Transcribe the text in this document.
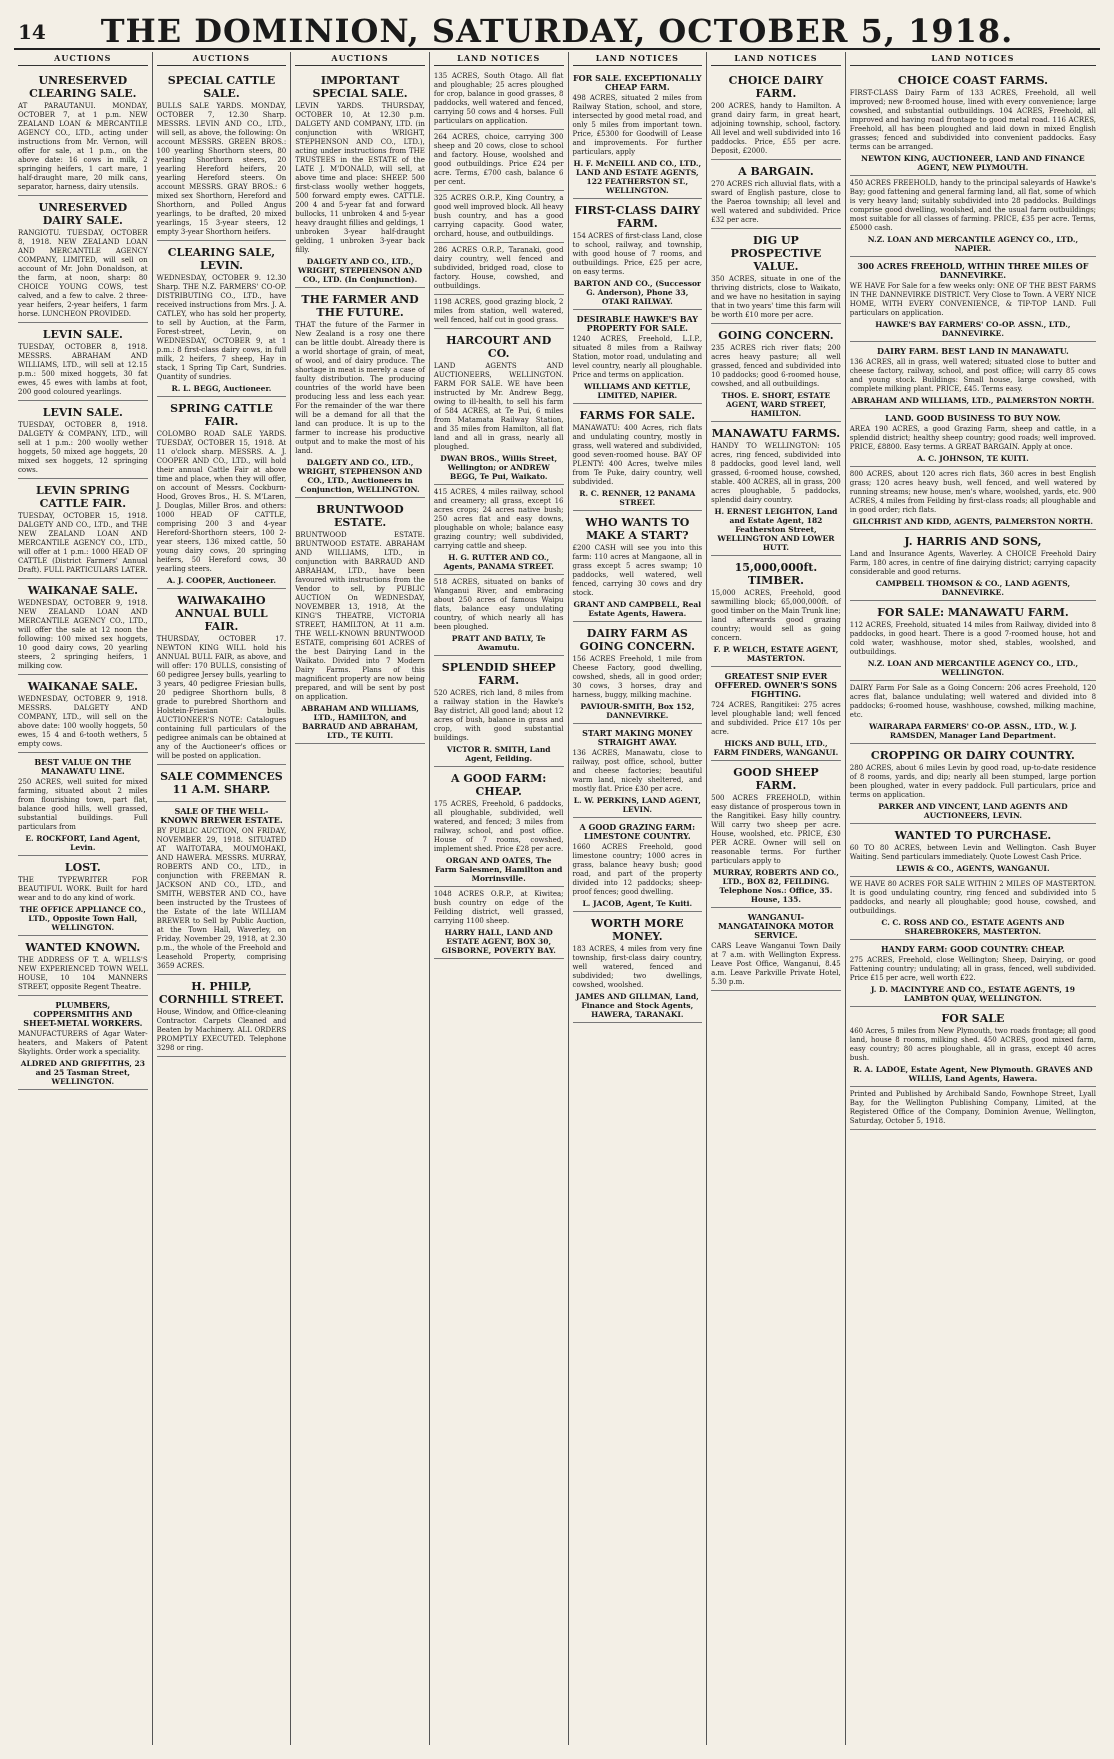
14	THE DOMINION, SATURDAY, OCTOBER 5, 1918.
AUCTIONS
UNRESERVED CLEARING SALE.
AT PARAUTANUI. MONDAY, OCTOBER 7, at 1 p.m. NEW ZEALAND LOAN & MERCANTILE AGENCY CO., LTD., acting under instructions from Mr. Vernon, will offer for sale, at 1 p.m., on the above date: 16 cows in milk, 2 springing heifers, 1 cart mare, 1 half-draught mare, 20 milk cans, separator, harness, dairy utensils.
UNRESERVED DAIRY SALE.
RANGIOTU. TUESDAY, OCTOBER 8, 1918. NEW ZEALAND LOAN AND MERCANTILE AGENCY COMPANY, LIMITED, will sell on account of Mr. John Donaldson, at the farm, at noon, sharp: 80 CHOICE YOUNG COWS, test calved, and a few to calve. 2 three-year heifers, 2-year heifers, 1 farm horse. LUNCHEON PROVIDED.
LEVIN SALE.
TUESDAY, OCTOBER 8, 1918. MESSRS. ABRAHAM AND WILLIAMS, LTD., will sell at 12.15 p.m.: 500 mixed hoggets, 30 fat ewes, 45 ewes with lambs at foot, 200 good coloured yearlings.
LEVIN SALE.
TUESDAY, OCTOBER 8, 1918. DALGETY & COMPANY, LTD., will sell at 1 p.m.: 200 woolly wether hoggets, 50 mixed age hoggets, 20 mixed sex hoggets, 12 springing cows.
LEVIN SPRING CATTLE FAIR.
TUESDAY, OCTOBER 15, 1918. DALGETY AND CO., LTD., and THE NEW ZEALAND LOAN AND MERCANTILE AGENCY CO., LTD., will offer at 1 p.m.: 1000 HEAD OF CATTLE (District Farmers' Annual Draft). FULL PARTICULARS LATER.
WAIKANAE SALE.
WEDNESDAY, OCTOBER 9, 1918. NEW ZEALAND LOAN AND MERCANTILE AGENCY CO., LTD., will offer the sale at 12 noon the following: 100 mixed sex hoggets, 10 good dairy cows, 20 yearling steers, 2 springing heifers, 1 milking cow.
WAIKANAE SALE.
WEDNESDAY, OCTOBER 9, 1918. MESSRS. DALGETY AND COMPANY, LTD., will sell on the above date: 100 woolly hoggets, 50 ewes, 15 4 and 6-tooth wethers, 5 empty cows.
BEST VALUE ON THE MANAWATU LINE.
250 ACRES, well suited for mixed farming, situated about 2 miles from flourishing town, part flat, balance good hills, well grassed, substantial buildings. Full particulars from
E. ROCKFORT, Land Agent, Levin.
LOST.
THE TYPEWRITER FOR BEAUTIFUL WORK. Built for hard wear and to do any kind of work.
THE OFFICE APPLIANCE CO., LTD., Opposite Town Hall, WELLINGTON.
WANTED KNOWN.
THE ADDRESS OF T. A. WELLS'S NEW EXPERIENCED TOWN WELL HOUSE, 10 104 MANNERS STREET, opposite Regent Theatre.
PLUMBERS, COPPERSMITHS AND SHEET-METAL WORKERS.
MANUFACTURERS of Agar Water-heaters, and Makers of Patent Skylights. Order work a speciality.
ALDRED AND GRIFFITHS, 23 and 25 Tasman Street, WELLINGTON.
AUCTIONS
SPECIAL CATTLE SALE.
BULLS SALE YARDS. MONDAY, OCTOBER 7, 12.30 Sharp. MESSRS. LEVIN AND CO., LTD., will sell, as above, the following: On account MESSRS. GREEN BROS.: 100 yearling Shorthorn steers, 80 yearling Shorthorn steers, 20 yearling Hereford heifers, 20 yearling Hereford steers. On account MESSRS. GRAY BROS.: 6 mixed sex Shorthorn, Hereford and Shorthorn, and Polled Angus yearlings, to be drafted, 20 mixed yearlings, 15 3-year steers, 12 empty 3-year Shorthorn heifers.
CLEARING SALE, LEVIN.
WEDNESDAY, OCTOBER 9. 12.30 Sharp. THE N.Z. FARMERS' CO-OP. DISTRIBUTING CO., LTD., have received instructions from Mrs. J. A. CATLEY, who has sold her property, to sell by Auction, at the Farm, Forest-street, Levin, on WEDNESDAY, OCTOBER 9, at 1 p.m.: 8 first-class dairy cows, in full milk, 2 heifers, 7 sheep, Hay in stack, 1 Spring Tip Cart, Sundries. Quantity of sundries.
R. L. BEGG, Auctioneer.
SPRING CATTLE FAIR.
COLOMBO ROAD SALE YARDS. TUESDAY, OCTOBER 15, 1918. At 11 o'clock sharp. MESSRS. A. J. COOPER AND CO., LTD., will hold their annual Cattle Fair at above time and place, when they will offer, on account of Messrs. Cockburn-Hood, Groves Bros., H. S. M'Laren, J. Douglas, Miller Bros. and others: 1000 HEAD OF CATTLE, comprising 200 3 and 4-year Hereford-Shorthorn steers, 100 2-year steers, 136 mixed cattle, 50 young dairy cows, 20 springing heifers, 50 Hereford cows, 30 yearling steers.
A. J. COOPER, Auctioneer.
WAIWAKAIHO ANNUAL BULL FAIR.
THURSDAY, OCTOBER 17. NEWTON KING WILL hold his ANNUAL BULL FAIR, as above, and will offer: 170 BULLS, consisting of 60 pedigree Jersey bulls, yearling to 3 years, 40 pedigree Friesian bulls, 20 pedigree Shorthorn bulls, 8 grade to purebred Shorthorn and Holstein-Friesian bulls. AUCTIONEER'S NOTE: Catalogues containing full particulars of the pedigree animals can be obtained at any of the Auctioneer's offices or will be posted on application.
SALE COMMENCES 11 A.M. SHARP.
SALE OF THE WELL-KNOWN BREWER ESTATE.
BY PUBLIC AUCTION, ON FRIDAY, NOVEMBER 29, 1918. SITUATED AT WAITOTARA, MOUMOHAKI, AND HAWERA. MESSRS. MURRAY, ROBERTS AND CO., LTD., in conjunction with FREEMAN R. JACKSON AND CO., LTD., and SMITH, WEBSTER AND CO., have been instructed by the Trustees of the Estate of the late WILLIAM BREWER to Sell by Public Auction, at the Town Hall, Waverley, on Friday, November 29, 1918, at 2.30 p.m., the whole of the Freehold and Leasehold Property, comprising 3659 ACRES.
H. PHILP, CORNHILL STREET.
House, Window, and Office-cleaning Contractor. Carpets Cleaned and Beaten by Machinery. ALL ORDERS PROMPTLY EXECUTED. Telephone 3298 or ring.
AUCTIONS
IMPORTANT SPECIAL SALE.
LEVIN YARDS. THURSDAY, OCTOBER 10, At 12.30 p.m. DALGETY AND COMPANY, LTD. (in conjunction with WRIGHT, STEPHENSON AND CO., LTD.), acting under instructions from THE TRUSTEES in the ESTATE of the LATE J. M'DONALD, will sell, at above time and place: SHEEP. 500 first-class woolly wether hoggets, 500 forward empty ewes. CATTLE. 200 4 and 5-year fat and forward bullocks, 11 unbroken 4 and 5-year heavy draught fillies and geldings, 1 unbroken 3-year half-draught gelding, 1 unbroken 3-year back filly.
DALGETY AND CO., LTD., WRIGHT, STEPHENSON AND CO., LTD. (In Conjunction).
THE FARMER AND THE FUTURE.
THAT the future of the Farmer in New Zealand is a rosy one there can be little doubt. Already there is a world shortage of grain, of meat, of wool, and of dairy produce. The shortage in meat is merely a case of faulty distribution. The producing countries of the world have been producing less and less each year. For the remainder of the war there will be a demand for all that the land can produce. It is up to the farmer to increase his productive output and to make the most of his land.
DALGETY AND CO., LTD., WRIGHT, STEPHENSON AND CO., LTD., Auctioneers in Conjunction, WELLINGTON.
BRUNTWOOD ESTATE.
BRUNTWOOD ESTATE. BRUNTWOOD ESTATE. ABRAHAM AND WILLIAMS, LTD., in conjunction with BARRAUD AND ABRAHAM, LTD., have been favoured with instructions from the Vendor to sell, by PUBLIC AUCTION On WEDNESDAY, NOVEMBER 13, 1918, At the KING'S THEATRE, VICTORIA STREET, HAMILTON, At 11 a.m. THE WELL-KNOWN BRUNTWOOD ESTATE, comprising 601 ACRES of the best Dairying Land in the Waikato. Divided into 7 Modern Dairy Farms. Plans of this magnificent property are now being prepared, and will be sent by post on application.
ABRAHAM AND WILLIAMS, LTD., HAMILTON, and BARRAUD AND ABRAHAM, LTD., TE KUITI.
LAND NOTICES
135 ACRES, South Otago. All flat and ploughable; 25 acres ploughed for crop, balance in good grasses, 8 paddocks, well watered and fenced, carrying 50 cows and 4 horses. Full particulars on application.
264 ACRES, choice, carrying 300 sheep and 20 cows, close to school and factory. House, woolshed and good outbuildings. Price £24 per acre. Terms, £700 cash, balance 6 per cent.
325 ACRES O.R.P., King Country, a good well improved block. All heavy bush country, and has a good carrying capacity. Good water, orchard, house, and outbuildings.
286 ACRES O.R.P., Taranaki, good dairy country, well fenced and subdivided, bridged road, close to factory. House, cowshed, and outbuildings.
1198 ACRES, good grazing block, 2 miles from station, well watered, well fenced, half cut in good grass.
HARCOURT AND CO.
LAND AGENTS AND AUCTIONEERS, WELLINGTON. FARM FOR SALE. WE have been instructed by Mr. Andrew Begg, owing to ill-health, to sell his farm of 584 ACRES, at Te Pui, 6 miles from Matamata Railway Station, and 35 miles from Hamilton, all flat land and all in grass, nearly all ploughed.
DWAN BROS., Willis Street, Wellington; or ANDREW BEGG, Te Pui, Waikato.
415 ACRES, 4 miles railway, school and creamery; all grass, except 16 acres crops; 24 acres native bush; 250 acres flat and easy downs, ploughable on whole; balance easy grazing country; well subdivided, carrying cattle and sheep.
H. G. RUTTER AND CO., Agents, PANAMA STREET.
518 ACRES, situated on banks of Wanganui River, and embracing about 250 acres of famous Waipu flats, balance easy undulating country, of which nearly all has been ploughed.
PRATT AND BATLY, Te Awamutu.
SPLENDID SHEEP FARM.
520 ACRES, rich land, 8 miles from a railway station in the Hawke's Bay district, All good land; about 12 acres of bush, balance in grass and crop, with good substantial buildings.
VICTOR R. SMITH, Land Agent, Feilding.
A GOOD FARM: CHEAP.
175 ACRES, Freehold, 6 paddocks, all ploughable, subdivided, well watered, and fenced; 3 miles from railway, school, and post office. House of 7 rooms, cowshed, implement shed. Price £28 per acre.
ORGAN AND OATES, The Farm Salesmen, Hamilton and Morrinsville.
1048 ACRES O.R.P., at Kiwitea; bush country on edge of the Feilding district, well grassed, carrying 1100 sheep.
HARRY HALL, LAND AND ESTATE AGENT, BOX 30, GISBORNE, POVERTY BAY.
LAND NOTICES
FOR SALE. EXCEPTIONALLY CHEAP FARM.
498 ACRES, situated 2 miles from Railway Station, school, and store, intersected by good metal road, and only 5 miles from important town. Price, £5300 for Goodwill of Lease and improvements. For further particulars, apply
H. F. McNEILL AND CO., LTD., LAND AND ESTATE AGENTS, 122 FEATHERSTON ST., WELLINGTON.
FIRST-CLASS DAIRY FARM.
154 ACRES of first-class Land, close to school, railway, and township, with good house of 7 rooms, and outbuildings. Price, £25 per acre, on easy terms.
BARTON AND CO., (Successor G. Anderson), Phone 33, OTAKI RAILWAY.
DESIRABLE HAWKE'S BAY PROPERTY FOR SALE.
1240 ACRES, Freehold, L.I.P., situated 8 miles from a Railway Station, motor road, undulating and level country, nearly all ploughable. Price and terms on application.
WILLIAMS AND KETTLE, LIMITED, NAPIER.
FARMS FOR SALE.
MANAWATU: 400 Acres, rich flats and undulating country, mostly in grass, well watered and subdivided, good seven-roomed house. BAY OF PLENTY: 400 Acres, twelve miles from Te Puke, dairy country, well subdivided.
R. C. RENNER, 12 PANAMA STREET.
WHO WANTS TO MAKE A START?
£200 CASH will see you into this farm: 110 acres at Mangaone, all in grass except 5 acres swamp; 10 paddocks, well watered, well fenced, carrying 30 cows and dry stock.
GRANT AND CAMPBELL, Real Estate Agents, Hawera.
DAIRY FARM AS GOING CONCERN.
156 ACRES Freehold, 1 mile from Cheese Factory, good dwelling, cowshed, sheds, all in good order; 30 cows, 3 horses, dray and harness, buggy, milking machine.
PAVIOUR-SMITH, Box 152, DANNEVIRKE.
START MAKING MONEY STRAIGHT AWAY.
136 ACRES, Manawatu, close to railway, post office, school, butter and cheese factories; beautiful warm land, nicely sheltered, and mostly flat. Price £30 per acre.
L. W. PERKINS, LAND AGENT, LEVIN.
A GOOD GRAZING FARM: LIMESTONE COUNTRY.
1660 ACRES Freehold, good limestone country; 1000 acres in grass, balance heavy bush; good road, and part of the property divided into 12 paddocks; sheep-proof fences; good dwelling.
L. JACOB, Agent, Te Kuiti.
WORTH MORE MONEY.
183 ACRES, 4 miles from very fine township, first-class dairy country, well watered, fenced and subdivided; two dwellings, cowshed, woolshed.
JAMES AND GILLMAN, Land, Finance and Stock Agents, HAWERA, TARANAKI.
LAND NOTICES
CHOICE DAIRY FARM.
200 ACRES, handy to Hamilton. A grand dairy farm, in great heart, adjoining township, school, factory. All level and well subdivided into 16 paddocks. Price, £55 per acre. Deposit, £2000.
A BARGAIN.
270 ACRES rich alluvial flats, with a sward of English pasture, close to the Paeroa township; all level and well watered and subdivided. Price £32 per acre.
DIG UP PROSPECTIVE VALUE.
350 ACRES, situate in one of the thriving districts, close to Waikato, and we have no hesitation in saying that in two years' time this farm will be worth £10 more per acre.
GOING CONCERN.
235 ACRES rich river flats; 200 acres heavy pasture; all well grassed, fenced and subdivided into 10 paddocks; good 6-roomed house, cowshed, and all outbuildings.
THOS. E. SHORT, ESTATE AGENT, WARD STREET, HAMILTON.
MANAWATU FARMS.
HANDY TO WELLINGTON: 105 acres, ring fenced, subdivided into 8 paddocks, good level land, well grassed, 6-roomed house, cowshed, stable. 400 ACRES, all in grass, 200 acres ploughable, 5 paddocks, splendid dairy country.
H. ERNEST LEIGHTON, Land and Estate Agent, 182 Featherston Street, WELLINGTON AND LOWER HUTT.
15,000,000ft. TIMBER.
15,000 ACRES, Freehold, good sawmilling block; 65,000,000ft. of good timber on the Main Trunk line; land afterwards good grazing country; would sell as going concern.
F. P. WELCH, ESTATE AGENT, MASTERTON.
GREATEST SNIP EVER OFFERED. OWNER'S SONS FIGHTING.
724 ACRES, Rangitikei: 275 acres level ploughable land; well fenced and subdivided. Price £17 10s per acre.
HICKS AND BULL, LTD., FARM FINDERS, WANGANUI.
GOOD SHEEP FARM.
500 ACRES FREEHOLD, within easy distance of prosperous town in the Rangitikei. Easy hilly country. Will carry two sheep per acre. House, woolshed, etc. PRICE, £30 PER ACRE. Owner will sell on reasonable terms. For further particulars apply to
MURRAY, ROBERTS AND CO., LTD., BOX 82, FEILDING. Telephone Nos.: Office, 35. House, 135.
WANGANUI-MANGATAINOKA MOTOR SERVICE.
CARS Leave Wanganui Town Daily at 7 a.m. with Wellington Express. Leave Post Office, Wanganui, 8.45 a.m. Leave Parkville Private Hotel, 5.30 p.m.
LAND NOTICES
CHOICE COAST FARMS.
FIRST-CLASS Dairy Farm of 133 ACRES, Freehold, all well improved; new 8-roomed house, lined with every convenience; large cowshed, and substantial outbuildings. 104 ACRES, Freehold, all improved and having road frontage to good metal road. 116 ACRES, Freehold, all has been ploughed and laid down in mixed English grasses; fenced and subdivided into convenient paddocks. Easy terms can be arranged.
NEWTON KING, AUCTIONEER, LAND AND FINANCE AGENT, NEW PLYMOUTH.
450 ACRES FREEHOLD, handy to the principal saleyards of Hawke's Bay; good fattening and general farming land, all flat, some of which is very heavy land; suitably subdivided into 28 paddocks. Buildings comprise good dwelling, woolshed, and the usual farm outbuildings; most suitable for all classes of farming. PRICE, £35 per acre. Terms, £5000 cash.
N.Z. LOAN AND MERCANTILE AGENCY CO., LTD., NAPIER.
300 ACRES FREEHOLD, WITHIN THREE MILES OF DANNEVIRKE.
WE HAVE For Sale for a few weeks only: ONE OF THE BEST FARMS IN THE DANNEVIRKE DISTRICT. Very Close to Town. A VERY NICE HOME, WITH EVERY CONVENIENCE, & TIP-TOP LAND. Full particulars on application.
HAWKE'S BAY FARMERS' CO-OP. ASSN., LTD., DANNEVIRKE.
DAIRY FARM. BEST LAND IN MANAWATU.
136 ACRES, all in grass, well watered; situated close to butter and cheese factory, railway, school, and post office; will carry 85 cows and young stock. Buildings: Small house, large cowshed, with complete milking plant. PRICE, £45. Terms easy.
ABRAHAM AND WILLIAMS, LTD., PALMERSTON NORTH.
LAND. GOOD BUSINESS TO BUY NOW.
AREA 190 ACRES, a good Grazing Farm, sheep and cattle, in a splendid district; healthy sheep country; good roads; well improved. PRICE, £8800. Easy terms. A GREAT BARGAIN. Apply at once.
A. C. JOHNSON, TE KUITI.
800 ACRES, about 120 acres rich flats, 360 acres in best English grass; 120 acres heavy bush, well fenced, and well watered by running streams; new house, men's whare, woolshed, yards, etc. 900 ACRES, 4 miles from Feilding by first-class roads; all ploughable and in good order; rich flats.
GILCHRIST AND KIDD, AGENTS, PALMERSTON NORTH.
J. HARRIS AND SONS,
Land and Insurance Agents, Waverley. A CHOICE Freehold Dairy Farm, 180 acres, in centre of fine dairying district; carrying capacity considerable and good returns.
CAMPBELL THOMSON & CO., LAND AGENTS, DANNEVIRKE.
FOR SALE: MANAWATU FARM.
112 ACRES, Freehold, situated 14 miles from Railway, divided into 8 paddocks, in good heart. There is a good 7-roomed house, hot and cold water, washhouse, motor shed, stables, woolshed, and outbuildings.
N.Z. LOAN AND MERCANTILE AGENCY CO., LTD., WELLINGTON.
DAIRY Farm For Sale as a Going Concern: 206 acres Freehold, 120 acres flat, balance undulating; well watered and divided into 8 paddocks; 6-roomed house, washhouse, cowshed, milking machine, etc.
WAIRARAPA FARMERS' CO-OP. ASSN., LTD., W. J. RAMSDEN, Manager Land Department.
CROPPING OR DAIRY COUNTRY.
280 ACRES, about 6 miles Levin by good road, up-to-date residence of 8 rooms, yards, and dip; nearly all been stumped, large portion been ploughed, water in every paddock. Full particulars, price and terms on application.
PARKER AND VINCENT, LAND AGENTS AND AUCTIONEERS, LEVIN.
WANTED TO PURCHASE.
60 TO 80 ACRES, between Levin and Wellington. Cash Buyer Waiting. Send particulars immediately. Quote Lowest Cash Price.
LEWIS & CO., AGENTS, WANGANUI.
WE HAVE 80 ACRES FOR SALE WITHIN 2 MILES OF MASTERTON. It is good undulating country, ring fenced and subdivided into 5 paddocks, and nearly all ploughable; good house, cowshed, and outbuildings.
C. C. ROSS AND CO., ESTATE AGENTS AND SHAREBROKERS, MASTERTON.
HANDY FARM: GOOD COUNTRY: CHEAP.
275 ACRES, Freehold, close Wellington; Sheep, Dairying, or good Fattening country; undulating; all in grass, fenced, well subdivided. Price £15 per acre, well worth £22.
J. D. MACINTYRE AND CO., ESTATE AGENTS, 19 LAMBTON QUAY, WELLINGTON.
FOR SALE
460 Acres, 5 miles from New Plymouth, two roads frontage; all good land, house 8 rooms, milking shed. 450 ACRES, good mixed farm, easy country; 80 acres ploughable, all in grass, except 40 acres bush.
R. A. LADOE, Estate Agent, New Plymouth. GRAVES AND WILLIS, Land Agents, Hawera.
Printed and Published by Archibald Sando, Fownhope Street, Lyall Bay, for the Wellington Publishing Company, Limited, at the Registered Office of the Company, Dominion Avenue, Wellington, Saturday, October 5, 1918.
